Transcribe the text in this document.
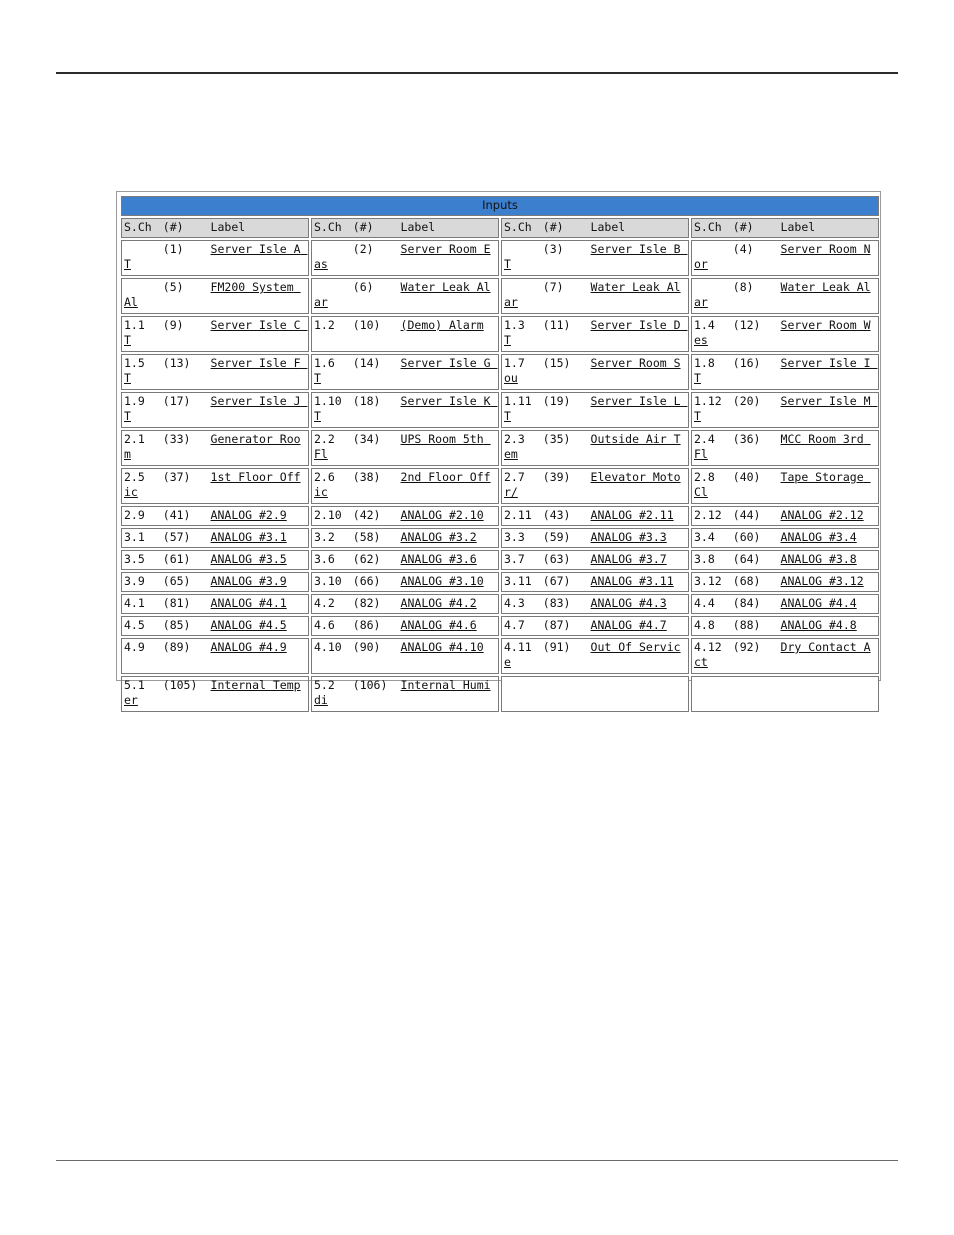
Inputs			
S.Ch (#) Label	S.Ch (#) Label	S.Ch (#) Label	S.Ch (#) Label
(1) Server Isle A T	(2) Server Room Eas	(3) Server Isle B T	(4) Server Room Nor
(5) FM200 System Al	(6) Water Leak Alar	(7) Water Leak Alar	(8) Water Leak Alar
1.1 (9) Server Isle C T	1.2 (10) (Demo) Alarm	1.3 (11) Server Isle D T	1.4 (12) Server Room Wes
1.5 (13) Server Isle F T	1.6 (14) Server Isle G T	1.7 (15) Server Room Sou	1.8 (16) Server Isle I T
1.9 (17) Server Isle J T	1.10 (18) Server Isle K T	1.11 (19) Server Isle L T	1.12 (20) Server Isle M T
2.1 (33) Generator Room	2.2 (34) UPS Room 5th Fl	2.3 (35) Outside Air Tem	2.4 (36) MCC Room 3rd Fl
2.5 (37) 1st Floor Offic	2.6 (38) 2nd Floor Offic	2.7 (39) Elevator Motor/	2.8 (40) Tape Storage Cl
2.9 (41) ANALOG #2.9	2.10 (42) ANALOG #2.10	2.11 (43) ANALOG #2.11	2.12 (44) ANALOG #2.12
3.1 (57) ANALOG #3.1	3.2 (58) ANALOG #3.2	3.3 (59) ANALOG #3.3	3.4 (60) ANALOG #3.4
3.5 (61) ANALOG #3.5	3.6 (62) ANALOG #3.6	3.7 (63) ANALOG #3.7	3.8 (64) ANALOG #3.8
3.9 (65) ANALOG #3.9	3.10 (66) ANALOG #3.10	3.11 (67) ANALOG #3.11	3.12 (68) ANALOG #3.12
4.1 (81) ANALOG #4.1	4.2 (82) ANALOG #4.2	4.3 (83) ANALOG #4.3	4.4 (84) ANALOG #4.4
4.5 (85) ANALOG #4.5	4.6 (86) ANALOG #4.6	4.7 (87) ANALOG #4.7	4.8 (88) ANALOG #4.8
4.9 (89) ANALOG #4.9	4.10 (90) ANALOG #4.10	4.11 (91) Out Of Service	4.12 (92) Dry Contact Act
5.1 (105) Internal Temper	5.2 (106) Internal Humidi		
